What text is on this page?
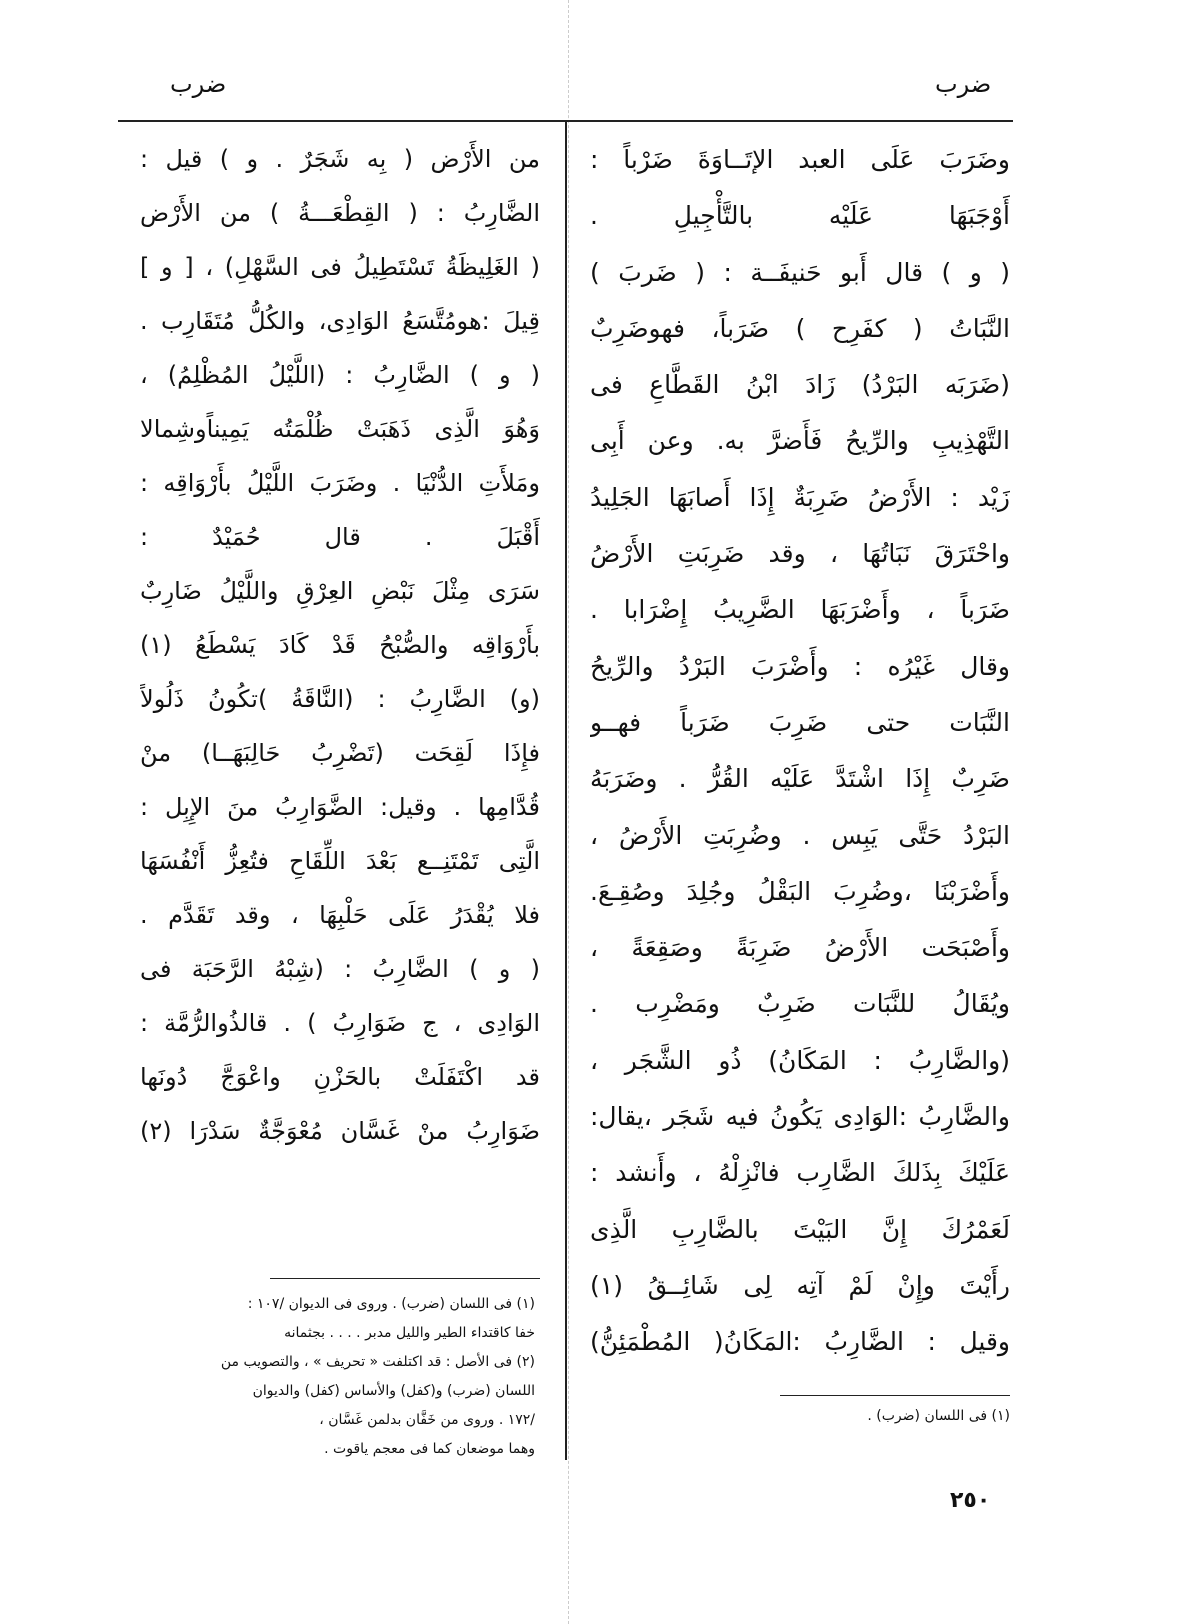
ضرب
ضرب
وضَرَبَ عَلَى العبد الإتَــاوَةَ ضَرْباً :
أَوْجَبَهَا عَلَيْه بالتَّأْجِيلِ .
( و ) قال أَبو حَنيفَــة : ( ضَربَ )
النَّبَاتُ ( كفَرِح ) ضَرَباً، فهوضَرِبٌ
(ضَرَبَه البَرْدُ) زَادَ ابْنُ القَطَّاعِ فى
التَّهْذِيبِ والرِّيحُ فَأَضرَّ به. وعن أَبِى
زَيْد : الأَرْضُ ضَرِبَةٌ إِذَا أَصابَهَا الجَلِيدُ
واحْتَرَقَ نَبَاتُهَا ، وقد ضَرِبَتِ الأَرْضُ
ضَرَباً ، وأَضْرَبَهَا الضَّرِيبُ إِضْرَابا .
وقال غَيْرُه : وأَضْرَبَ البَرْدُ والرِّيحُ
النَّبَات حتى ضَرِبَ ضَرَباً فهــو
ضَرِبٌ إِذَا اشْتَدَّ عَلَيْه القُرُّ . وضَرَبَهُ
البَرْدُ حَتَّى يَبِس . وضُرِبَتِ الأَرْضُ ،
وأَضْرَبْنَا ،وضُرِبَ البَقْلُ وجُلِدَ وصُقِـعَ.
وأَصْبَحَت الأَرْضُ ضَرِبَةً وصَقِعَةً ،
ويُقَالُ للنَّبَات ضَرِبٌ ومَضْرِب .
(والضَّارِبُ : المَكَانُ) ذُو الشَّجَر ،
والضَّارِبُ :الوَادِى يَكُونُ فيه شَجَر ،يقال:
عَلَيْكَ بِذَلكَ الضَّارِب فانْزِلْهُ ، وأَنشد :
لَعَمْرُكَ إِنَّ البَيْتَ بالضَّارِبِ الَّذِى
رأَيْتَ وإِنْ لَمْ آتِه لِى شَائِــقُ (١)
وقيل : الضَّارِبُ :المَكَانُ( المُطْمَئِنُّ)
من الأَرْض ( بِه شَجَرٌ . و ) قيل :
الضَّارِبُ : ( القِطْعَـــةُ ) من الأَرْض
( الغَلِيظَةُ تَسْتَطِيلُ فى السَّهْلِ) ، [ و ]
قِيلَ :هومُتَّسَعُ الوَادِى، والكُلُّ مُتَقَارِب .
( و ) الضَّارِبُ : (اللَّيْلُ المُظْلِمُ) ،
وَهُوَ الَّذِى ذَهَبَتْ ظُلْمَتُه يَمِيناًوشِمالا
ومَلأَتِ الدُّنْيَا . وضَرَبَ اللَّيْلُ بأَرْوَاقِه :
أَقْبَلَ . قال حُمَيْدٌ :
سَرَى مِثْلَ نَبْضِ العِرْقِ واللَّيْلُ ضَارِبٌ
بأَرْوَاقِه والصُّبْحُ قَدْ كَادَ يَسْطَعُ (١)
(و) الضَّارِبُ : (النَّاقَةُ )تكُونُ ذَلُولاً
فإِذَا لَقِحَت (تَضْرِبُ حَالِبَهَــا) منْ
قُدَّامِها . وقيل: الضَّوَارِبُ منَ الإِبِل :
الَّتِى تَمْتَنِــع بَعْدَ اللِّقَاحِ فتُعِزُّ أَنْفُسَهَا
فلا يُقْدَرُ عَلَى حَلْبِهَا ، وقد تَقَدَّم .
( و ) الضَّارِبُ : (شِبْهُ الرَّحَبَة فى
الوَادِى ، ج ضَوَارِبُ ) . قالذُوالرُّمَّة :
قد اكْتَفَلَتْ بالحَزْنِ واعْوَجَّ دُونَها
ضَوَارِبُ منْ غَسَّان مُعْوَجَّةٌ سَدْرَا (٢)
(١) فى اللسان (ضرب) . وروى فى الديوان /١٠٧ :
خفا كاقتداء الطير والليل مدبر . . . . بجثمانه
(٢) فى الأصل : قد اكتلفت « تحريف » ، والتصويب من
اللسان (ضرب) و(كفل) والأساس (كفل) والديوان
/١٧٢ . وروى من خَفَّان بدلمن غَسَّان ،
وهما موضعان كما فى معجم ياقوت .
(١) فى اللسان (ضرب) .
٢٥٠
